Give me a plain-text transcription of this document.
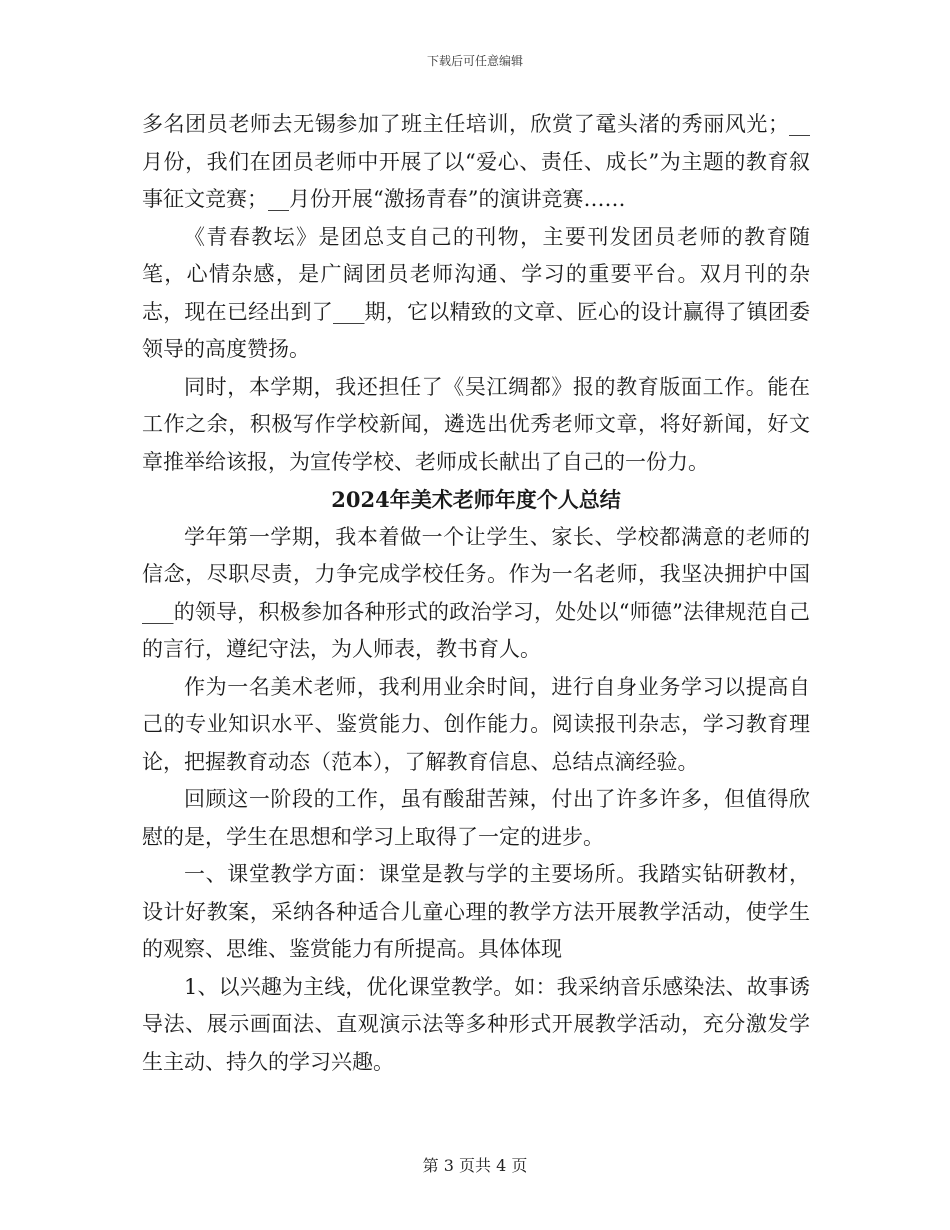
下载后可任意编辑

多名团员老师去无锡参加了班主任培训，欣赏了鼋头渚的秀丽风光；__月份，我们在团员老师中开展了以“爱心、责任、成长”为主题的教育叙事征文竞赛；__月份开展“激扬青春”的演讲竞赛……

《青春教坛》是团总支自己的刊物，主要刊发团员老师的教育随笔，心情杂感，是广阔团员老师沟通、学习的重要平台。双月刊的杂志，现在已经出到了___期，它以精致的文章、匠心的设计赢得了镇团委领导的高度赞扬。

同时，本学期，我还担任了《吴江绸都》报的教育版面工作。能在工作之余，积极写作学校新闻，遴选出优秀老师文章，将好新闻，好文章推举给该报，为宣传学校、老师成长献出了自己的一份力。

2024年美术老师年度个人总结

学年第一学期，我本着做一个让学生、家长、学校都满意的老师的信念，尽职尽责，力争完成学校任务。作为一名老师，我坚决拥护中国___的领导，积极参加各种形式的政治学习，处处以“师德”法律规范自己的言行，遵纪守法，为人师表，教书育人。

作为一名美术老师，我利用业余时间，进行自身业务学习以提高自己的专业知识水平、鉴赏能力、创作能力。阅读报刊杂志，学习教育理论，把握教育动态（范本），了解教育信息、总结点滴经验。

回顾这一阶段的工作，虽有酸甜苦辣，付出了许多许多，但值得欣慰的是，学生在思想和学习上取得了一定的进步。

一、课堂教学方面：课堂是教与学的主要场所。我踏实钻研教材，设计好教案，采纳各种适合儿童心理的教学方法开展教学活动，使学生的观察、思维、鉴赏能力有所提高。具体体现

1、以兴趣为主线，优化课堂教学。如：我采纳音乐感染法、故事诱导法、展示画面法、直观演示法等多种形式开展教学活动，充分激发学生主动、持久的学习兴趣。

第 3 页共 4 页
